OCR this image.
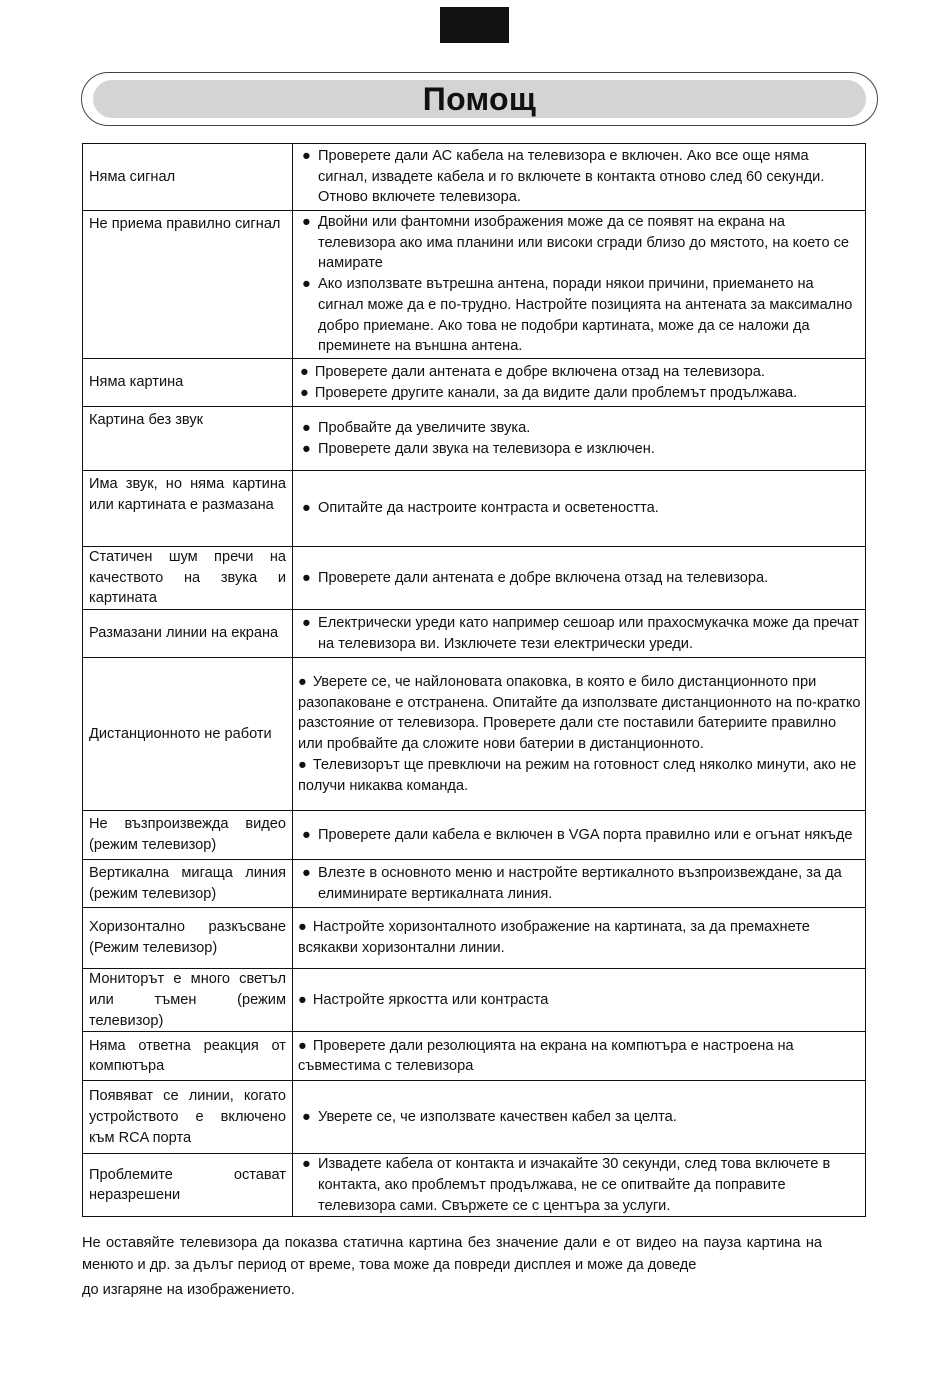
Помощ
Няма сигнал	● Проверете дали АС кабела на телевизора е включен. Ако все още няма сигнал, извадете кабела и го включете в контакта отново след 60 секунди. Отново включете телевизора.

Не приема правилно сигнал	● Двойни или фантомни изображения може да се появят на екрана на телевизора ако има планини или високи сгради близо до мястото, на което се намирате
● Ако използвате вътрешна антена, поради някои причини, приемането на сигнал може да е по-трудно. Настройте позицията на антената за максимално добро приемане. Ако това не подобри картината, може да се наложи да преминете на външна антена.

Няма картина	● Проверете дали антената е добре включена отзад на телевизора.
● Проверете другите канали, за да видите дали проблемът продължава.

Картина без звук	● Пробвайте да увеличите звука.
● Проверете дали звука на телевизора е изключен.

Има звук, но няма картина или картината е размазана	● Опитайте да настроите контраста и осветеността.

Статичен шум пречи на качеството на звука и картината	● Проверете дали антената е добре включена отзад на телевизора.

Размазани линии на екрана	● Електрически уреди като например сешоар или прахосмукачка може да пречат на телевизора ви. Изключете тези електрически уреди.

Дистанционното не работи	● Уверете се, че найлоновата опаковка, в която е било дистанционното при разопаковане е отстранена. Опитайте да използвате дистанционното на по-кратко разстояние от телевизора. Проверете дали сте поставили батериите правилно или пробвайте да сложите нови батерии в дистанционното.
● Телевизорът ще превключи на режим на готовност след няколко минути, ако не получи никаква команда.

Не възпроизвежда видео (режим телевизор)	● Проверете дали кабела е включен в VGA порта правилно или е огънат някъде

Вертикална мигаща линия (режим телевизор)	● Влезте в основното меню и настройте вертикалното възпроизвеждане, за да елиминирате вертикалната линия.

Хоризонтално разкъсване (Режим телевизор)	● Настройте хоризонталното изображение на картината, за да премахнете всякакви хоризонтални линии.

Мониторът е много светъл или тъмен (режим телевизор)	● Настройте яркостта или контраста

Няма ответна реакция от компютъра	● Проверете дали резолюцията на екрана на компютъра е настроена на съвместима с телевизора

Появяват се линии, когато устройството е включено към RCA порта	● Уверете се, че използвате качествен кабел за целта.

Проблемите остават неразрешени	● Извадете кабела от контакта и изчакайте 30 секунди, след това включете в контакта, ако проблемът продължава, не се опитвайте да поправите телевизора сами. Свържете се с центъра за услуги.
Не оставяйте телевизора да показва статична картина без значение дали е от видео на пауза картина на менюто и др. за дълъг период от време, това може да повреди дисплея и може да доведе
до изгаряне на изображението.
